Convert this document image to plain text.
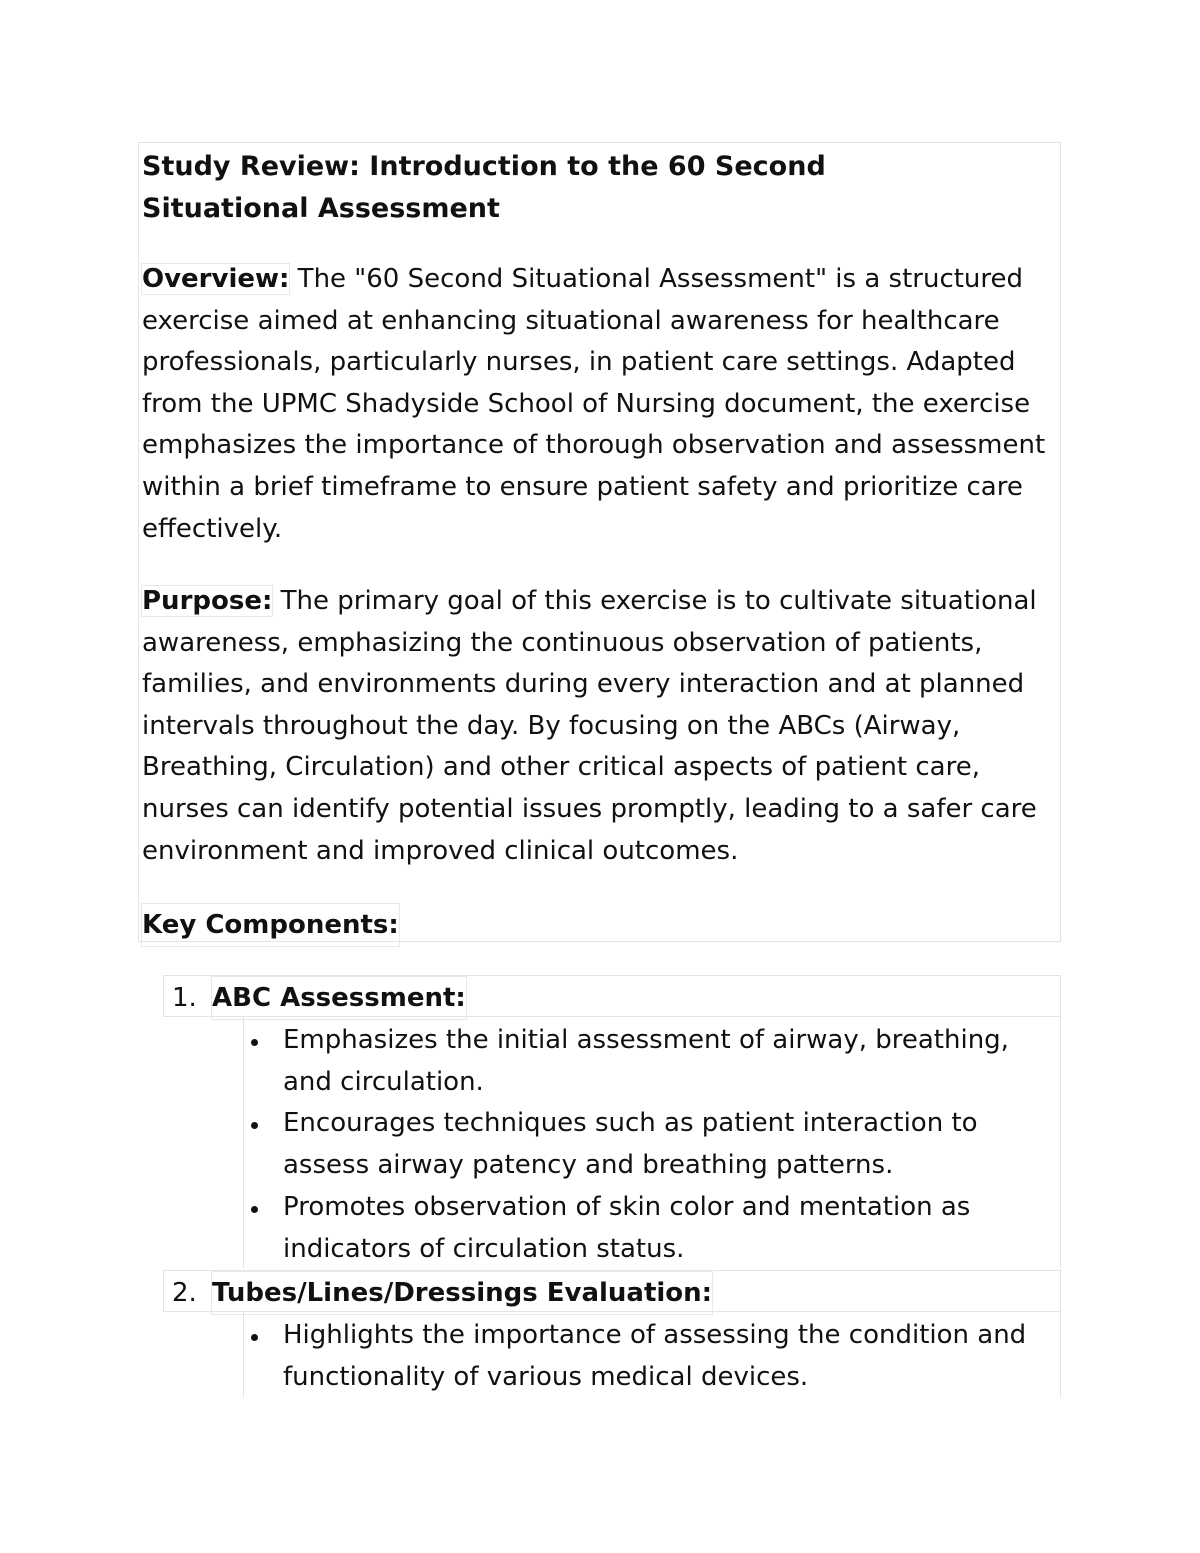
Study Review: Introduction to the 60 Second Situational Assessment

Overview: The "60 Second Situational Assessment" is a structured exercise aimed at enhancing situational awareness for healthcare professionals, particularly nurses, in patient care settings. Adapted from the UPMC Shadyside School of Nursing document, the exercise emphasizes the importance of thorough observation and assessment within a brief timeframe to ensure patient safety and prioritize care effectively.

Purpose: The primary goal of this exercise is to cultivate situational awareness, emphasizing the continuous observation of patients, families, and environments during every interaction and at planned intervals throughout the day. By focusing on the ABCs (Airway, Breathing, Circulation) and other critical aspects of patient care, nurses can identify potential issues promptly, leading to a safer care environment and improved clinical outcomes.

Key Components:
1. ABC Assessment:

Emphasizes the initial assessment of airway, breathing, and circulation.

Encourages techniques such as patient interaction to assess airway patency and breathing patterns.

Promotes observation of skin color and mentation as indicators of circulation status.

2. Tubes/Lines/Dressings Evaluation:

Highlights the importance of assessing the condition and functionality of various medical devices.
